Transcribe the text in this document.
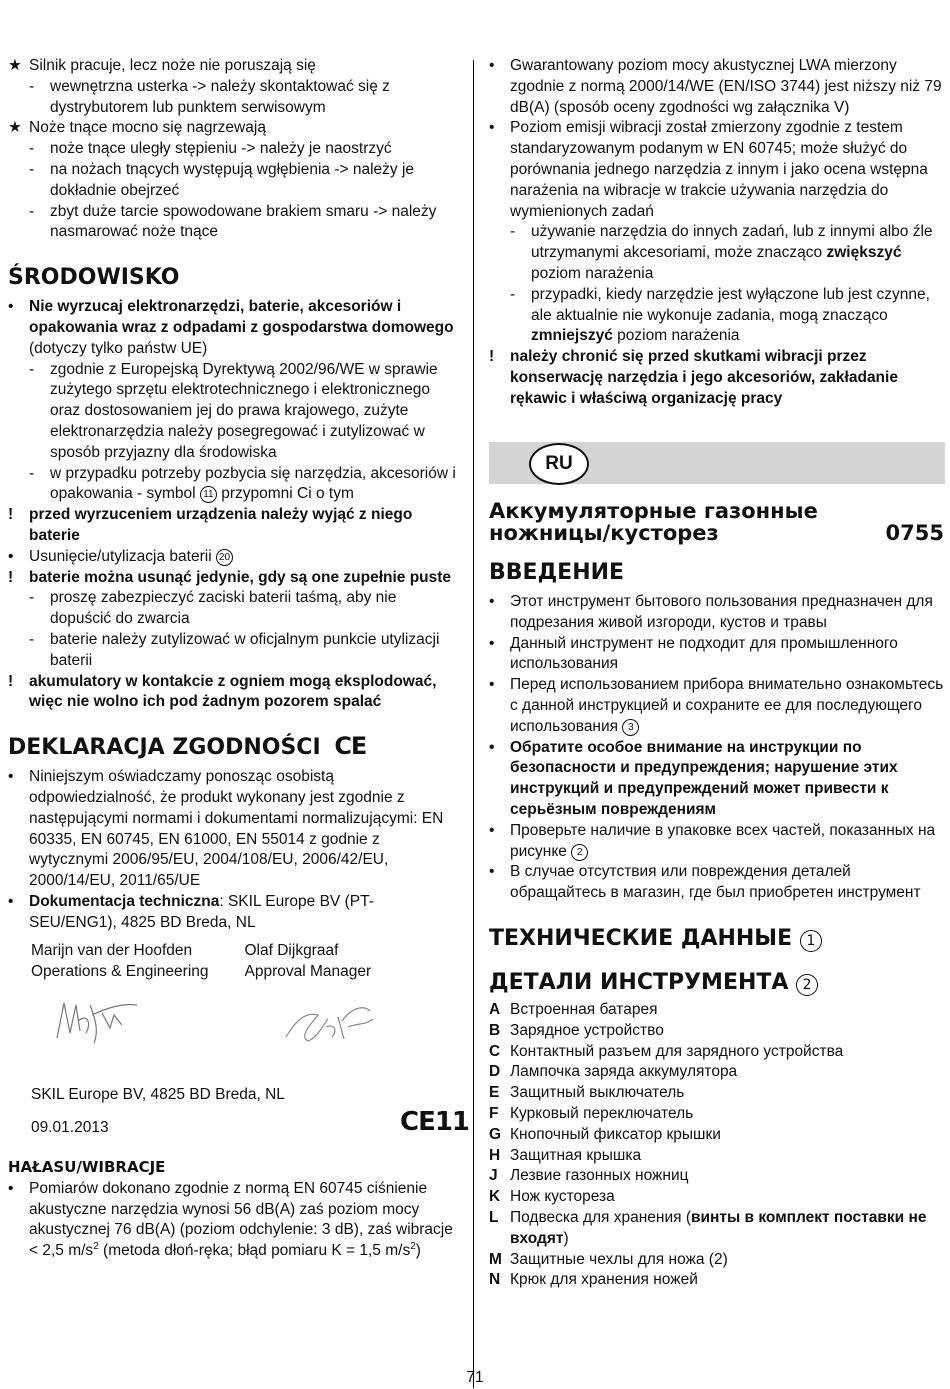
★ Silnik pracuje, lecz noże nie poruszają się
-	wewnętrzna usterka -> należy skontaktować się z dystrybutorem lub punktem serwisowym
★ Noże tnące mocno się nagrzewają
-	noże tnące uległy stępieniu -> należy je naostrzyć
-	na nożach tnących występują wgłębienia -> należy je dokładnie obejrzeć
-	zbyt duże tarcie spowodowane brakiem smaru -> należy nasmarować noże tnące
ŚRODOWISKO
•	Nie wyrzucaj elektronarzędzi, baterie, akcesoriów i opakowania wraz z odpadami z gospodarstwa domowego (dotyczy tylko państw UE)
-	zgodnie z Europejską Dyrektywą 2002/96/WE w sprawie zużytego sprzętu elektrotechnicznego i elektronicznego oraz dostosowaniem jej do prawa krajowego, zużyte elektronarzędzia należy posegregować i zutylizować w sposób przyjazny dla środowiska
-	w przypadku potrzeby pozbycia się narzędzia, akcesoriów i opakowania - symbol 11 przypomni Ci o tym
!	przed wyrzuceniem urządzenia należy wyjąć z niego baterie
•	Usunięcie/utylizacja baterii 20
!	baterie można usunąć jedynie, gdy są one zupełnie puste
-	proszę zabezpieczyć zaciski baterii taśmą, aby nie dopuścić do zwarcia
-	baterie należy zutylizować w oficjalnym punkcie utylizacji baterii
!	akumulatory w kontakcie z ogniem mogą eksplodować, więc nie wolno ich pod żadnym pozorem spalać
DEKLARACJA ZGODNOŚCI CE
•	Niniejszym oświadczamy ponosząc osobistą odpowiedzialność, że produkt wykonany jest zgodnie z następującymi normami i dokumentami normalizującymi: EN 60335, EN 60745, EN 61000, EN 55014 z godnie z wytycznymi 2006/95/EU, 2004/108/EU, 2006/42/EU, 2000/14/EU, 2011/65/UE
•	Dokumentacja techniczna: SKIL Europe BV (PT-SEU/ENG1), 4825 BD Breda, NL
Marijn van der Hoofden
Operations & Engineering
Olaf Dijkgraaf
Approval Manager
SKIL Europe BV, 4825 BD Breda, NL
09.01.2013	CE11
HAŁASU/WIBRACJE
•	Pomiarów dokonano zgodnie z normą EN 60745 ciśnienie akustyczne narzędzia wynosi 56 dB(A) zaś poziom mocy akustycznej 76 dB(A) (poziom odchylenie: 3 dB), zaś wibracje < 2,5 $m/s^2$ (metoda dłoń-ręka; błąd pomiaru K = 1,5 $m/s^2$)
•	Gwarantowany poziom mocy akustycznej LWA mierzony zgodnie z normą 2000/14/WE (EN/ISO 3744) jest niższy niż 79 dB(A) (sposób oceny zgodności wg załącznika V)
•	Poziom emisji wibracji został zmierzony zgodnie z testem standaryzowanym podanym w EN 60745; może służyć do porównania jednego narzędzia z innym i jako ocena wstępna narażenia na wibracje w trakcie używania narzędzia do wymienionych zadań
-	używanie narzędzia do innych zadań, lub z innymi albo źle utrzymanymi akcesoriami, może znacząco zwiększyć poziom narażenia
-	przypadki, kiedy narzędzie jest wyłączone lub jest czynne, ale aktualnie nie wykonuje zadania, mogą znacząco zmniejszyć poziom narażenia
!	należy chronić się przed skutkami wibracji przez konserwację narzędzia i jego akcesoriów, zakładanie rękawic i właściwą organizację pracy
RU
Аккумуляторные газонные
ножницы/кусторез	0755
ВВЕДЕНИЕ
•	Этот инструмент бытового пользования предназначен для подрезания живой изгороди, кустов и травы
•	Данный инструмент не подходит для промышленного использования
•	Перед использованием прибора внимательно ознакомьтесь с данной инструкцией и сохраните ее для последующего использования 3
•	Обратите особое внимание на инструкции по безопасности и предупреждения; нарушение этих инструкций и предупреждений может привести к серьёзным повреждениям
•	Проверьте наличие в упаковке всех частей, показанных на рисунке 2
•	В случае отсутствия или повреждения деталей обращайтесь в магазин, где был приобретен инструмент
ТЕХНИЧЕСКИЕ ДАННЫЕ 1
ДЕТАЛИ ИНСТРУМЕНТА 2
A Встроенная батарея
B Зарядное устройство
C Контактный разъем для зарядного устройства
D Лампочка заряда аккумулятора
E Защитный выключатель
F Курковый переключатель
G Кнопочный фиксатор крышки
H Защитная крышка
J Лезвие газонных ножниц
K Нож кустореза
L Подвеска для хранения (винты в комплект поставки не входят)
M Защитные чехлы для ножа (2)
N Крюк для хранения ножей
71
